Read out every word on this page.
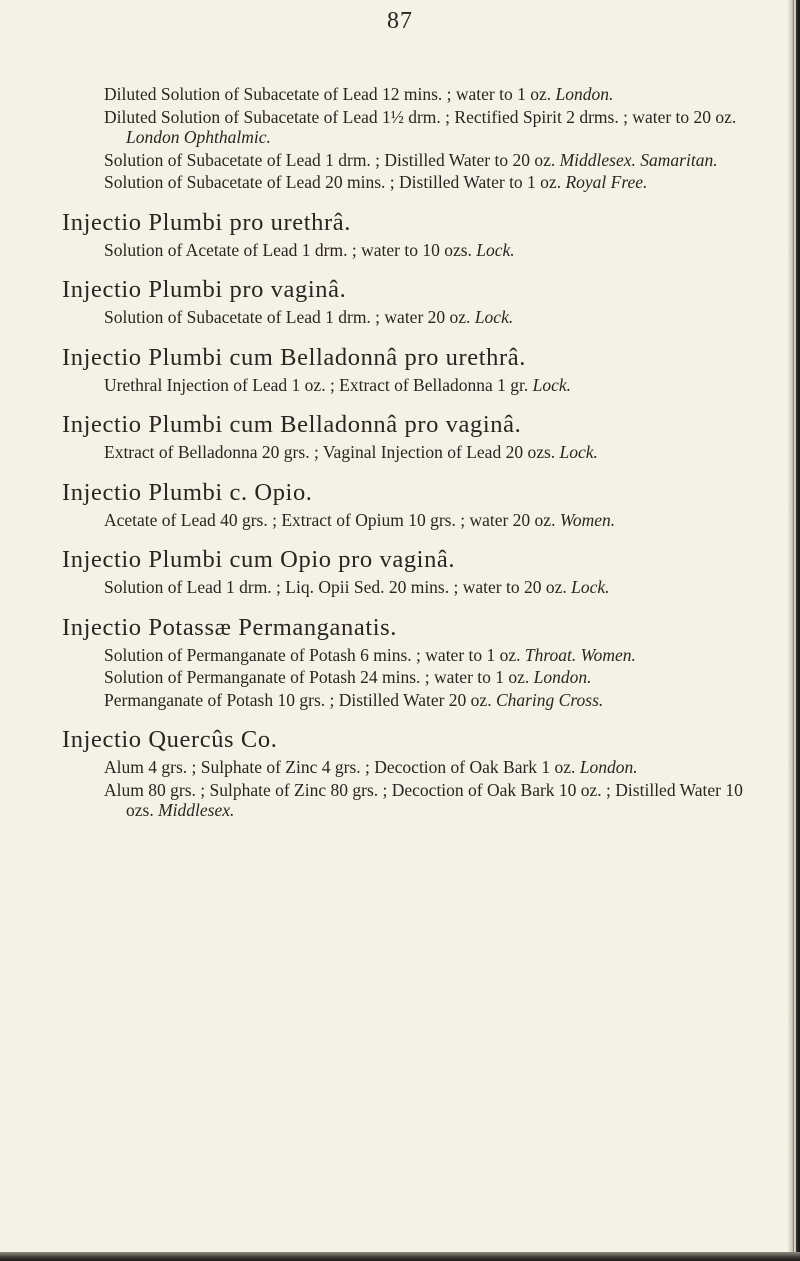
87

Diluted Solution of Subacetate of Lead 12 mins. ; water to 1 oz. London.

Diluted Solution of Subacetate of Lead 1½ drm. ; Rectified Spirit 2 drms. ; water to 20 oz. London Ophthalmic.

Solution of Subacetate of Lead 1 drm. ; Distilled Water to 20 oz. Middlesex. Samaritan.

Solution of Subacetate of Lead 20 mins. ; Distilled Water to 1 oz. Royal Free.

Injectio Plumbi pro urethrâ.

Solution of Acetate of Lead 1 drm. ; water to 10 ozs. Lock.

Injectio Plumbi pro vaginâ.

Solution of Subacetate of Lead 1 drm. ; water 20 oz. Lock.

Injectio Plumbi cum Belladonnâ pro urethrâ.

Urethral Injection of Lead 1 oz. ; Extract of Belladonna 1 gr. Lock.

Injectio Plumbi cum Belladonnâ pro vaginâ.

Extract of Belladonna 20 grs. ; Vaginal Injection of Lead 20 ozs. Lock.

Injectio Plumbi c. Opio.

Acetate of Lead 40 grs. ; Extract of Opium 10 grs. ; water 20 oz. Women.

Injectio Plumbi cum Opio pro vaginâ.

Solution of Lead 1 drm. ; Liq. Opii Sed. 20 mins. ; water to 20 oz. Lock.

Injectio Potassæ Permanganatis.

Solution of Permanganate of Potash 6 mins. ; water to 1 oz. Throat. Women.

Solution of Permanganate of Potash 24 mins. ; water to 1 oz. London.

Permanganate of Potash 10 grs. ; Distilled Water 20 oz. Charing Cross.

Injectio Quercûs Co.

Alum 4 grs. ; Sulphate of Zinc 4 grs. ; Decoction of Oak Bark 1 oz. London.

Alum 80 grs. ; Sulphate of Zinc 80 grs. ; Decoction of Oak Bark 10 oz. ; Distilled Water 10 ozs. Middlesex.
